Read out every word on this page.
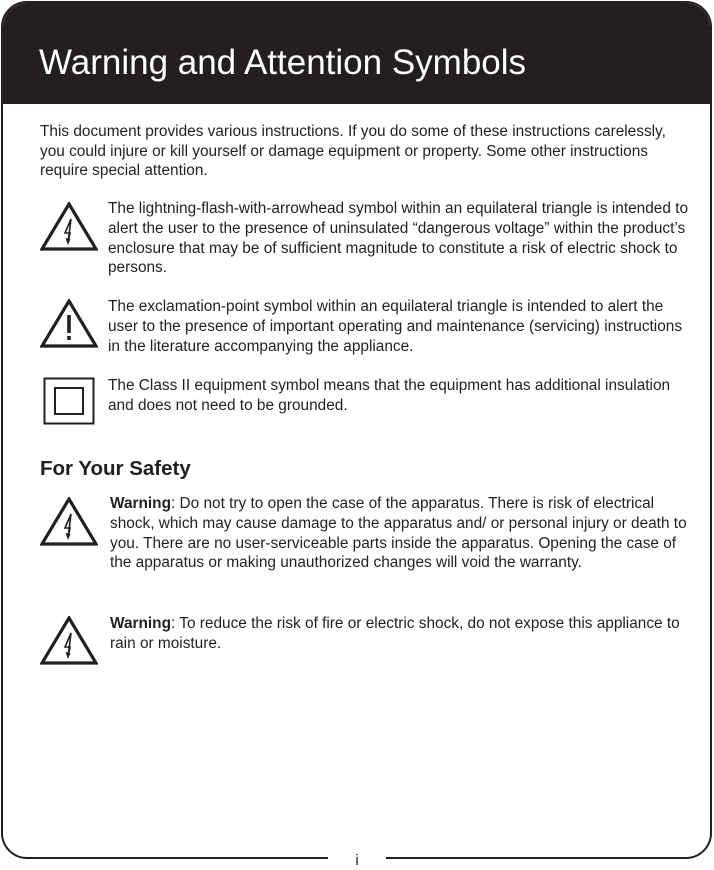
Warning and Attention Symbols

This document provides various instructions. If you do some of these instructions carelessly, you could injure or kill yourself or damage equipment or property. Some other instructions require special attention.

The lightning-flash-with-arrowhead symbol within an equilateral triangle is intended to alert the user to the presence of uninsulated “dangerous voltage” within the product’s enclosure that may be of sufficient magnitude to constitute a risk of electric shock to persons.

The exclamation-point symbol within an equilateral triangle is intended to alert the user to the presence of important operating and maintenance (servicing) instructions in the literature accompanying the appliance.

The Class II equipment symbol means that the equipment has additional insulation and does not need to be grounded.

For Your Safety

Warning: Do not try to open the case of the apparatus. There is risk of electrical shock, which may cause damage to the apparatus and/ or personal injury or death to you. There are no user-serviceable parts inside the apparatus. Opening the case of the apparatus or making unauthorized changes will void the warranty.

Warning: To reduce the risk of fire or electric shock, do not expose this appliance to rain or moisture.

i
